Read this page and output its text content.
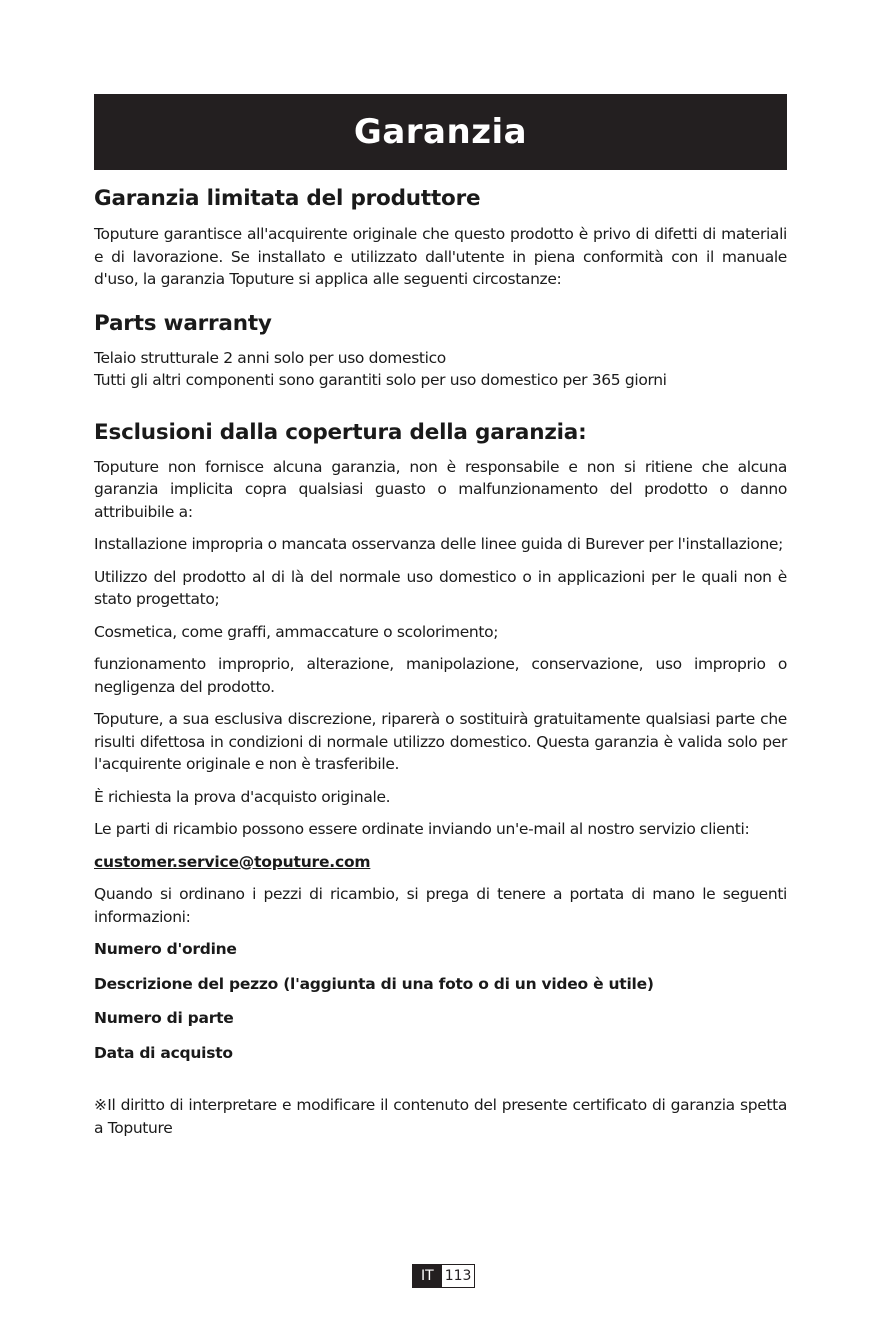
Garanzia
Garanzia limitata del produttore

Toputure garantisce all'acquirente originale che questo prodotto è privo di difetti di materiali e di lavorazione. Se installato e utilizzato dall'utente in piena conformità con il manuale d'uso, la garanzia Toputure si applica alle seguenti circostanze:

Parts warranty
Telaio strutturale 2 anni solo per uso domestico
Tutti gli altri componenti sono garantiti solo per uso domestico per 365 giorni
Esclusioni dalla copertura della garanzia:

Toputure non fornisce alcuna garanzia, non è responsabile e non si ritiene che alcuna garanzia implicita copra qualsiasi guasto o malfunzionamento del prodotto o danno attribuibile a:

Installazione impropria o mancata osservanza delle linee guida di Burever per l'installazione;

Utilizzo del prodotto al di là del normale uso domestico o in applicazioni per le quali non è stato progettato;

Cosmetica, come graffi, ammaccature o scolorimento;

funzionamento improprio, alterazione, manipolazione, conservazione, uso improprio o negligenza del prodotto.

Toputure, a sua esclusiva discrezione, riparerà o sostituirà gratuitamente qualsiasi parte che risulti difettosa in condizioni di normale utilizzo domestico. Questa garanzia è valida solo per l'acquirente originale e non è trasferibile.

È richiesta la prova d'acquisto originale.

Le parti di ricambio possono essere ordinate inviando un'e-mail al nostro servizio clienti:

customer.service@toputure.com

Quando si ordinano i pezzi di ricambio, si prega di tenere a portata di mano le seguenti informazioni:

Numero d'ordine
Descrizione del pezzo (l'aggiunta di una foto o di un video è utile)
Numero di parte
Data di acquisto

※Il diritto di interpretare e modificare il contenuto del presente certificato di garanzia spetta a Toputure

IT 113
